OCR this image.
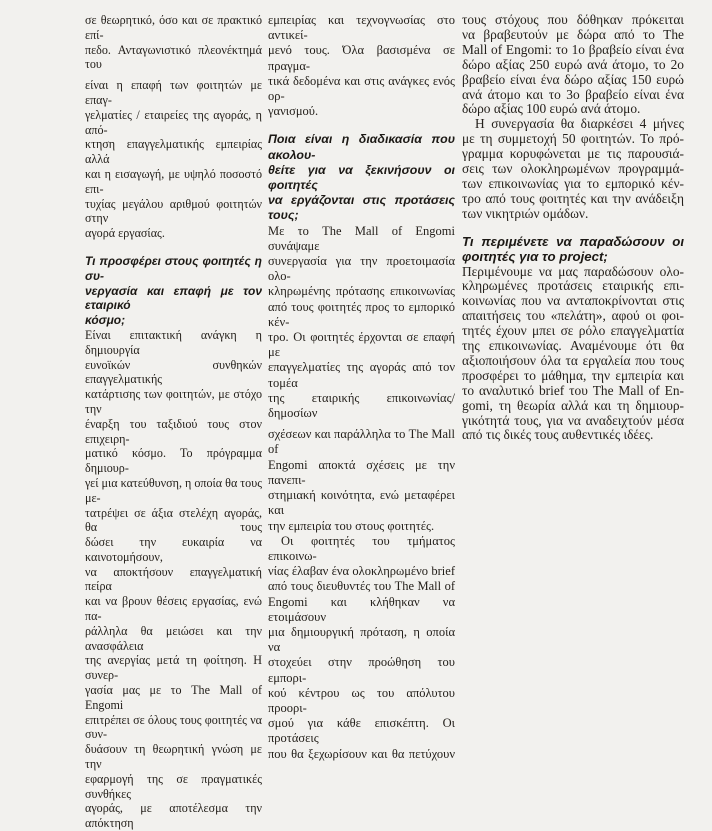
σε θεωρητικό, όσο και σε πρακτικό επί-
πεδο. Ανταγωνιστικό πλεονέκτημά του
είναι η επαφή των φοιτητών με επαγ-
γελματίες / εταιρείες της αγοράς, η από-
κτηση επαγγελματικής εμπειρίας αλλά
και η εισαγωγή, με υψηλό ποσοστό επι-
τυχίας μεγάλου αριθμού φοιτητών στην
αγορά εργασίας.
Τι προσφέρει στους φοιτητές η συ-
νεργασία και επαφή με τον εταιρικό
κόσμο;
Είναι επιτακτική ανάγκη η δημιουργία
ευνοϊκών συνθηκών επαγγελματικής
κατάρτισης των φοιτητών, με στόχο την
έναρξη του ταξιδιού τους στον επιχειρη-
ματικό κόσμο. Το πρόγραμμα δημιουρ-
γεί μια κατεύθυνση, η οποία θα τους με-
τατρέψει σε άξια στελέχη αγοράς, θα τους
δώσει την ευκαιρία να καινοτομήσουν,
να αποκτήσουν επαγγελματική πείρα
και να βρουν θέσεις εργασίας, ενώ πα-
ράλληλα θα μειώσει και την ανασφάλεια
της ανεργίας μετά τη φοίτηση. Η συνερ-
γασία μας με το The Mall of Engomi
επιτρέπει σε όλους τους φοιτητές να συν-
δυάσουν τη θεωρητική γνώση με την
εφαρμογή της σε πραγματικές συνθήκες
αγοράς, με αποτέλεσμα την απόκτηση
εμπειρίας και τεχνογνωσίας στο αντικεί-
μενό τους. Όλα βασισμένα σε πραγμα-
τικά δεδομένα και στις ανάγκες ενός ορ-
γανισμού.
Ποια είναι η διαδικασία που ακολου-
θείτε για να ξεκινήσουν οι φοιτητές
να εργάζονται στις προτάσεις τους;
Με το The Mall of Engomi συνάψαμε
συνεργασία για την προετοιμασία ολο-
κληρωμένης πρότασης επικοινωνίας
από τους φοιτητές προς το εμπορικό κέν-
τρο. Οι φοιτητές έρχονται σε επαφή με
επαγγελματίες της αγοράς από τον τομέα
της εταιρικής επικοινωνίας/δημοσίων
σχέσεων και παράλληλα το The Mall of
Engomi αποκτά σχέσεις με την πανεπι-
στημιακή κοινότητα, ενώ μεταφέρει και
την εμπειρία του στους φοιτητές.
Οι φοιτητές του τμήματος επικοινω-
νίας έλαβαν ένα ολοκληρωμένο brief
από τους διευθυντές του The Mall of
Engomi και κλήθηκαν να ετοιμάσουν
μια δημιουργική πρόταση, η οποία να
στοχεύει στην προώθηση του εμπορι-
κού κέντρου ως του απόλυτου προορι-
σμού για κάθε επισκέπτη. Οι προτάσεις
που θα ξεχωρίσουν και θα πετύχουν
τους στόχους που δόθηκαν πρόκειται
να βραβευτούν με δώρα από το The
Mall of Engomi: το 1ο βραβείο είναι ένα
δώρο αξίας 250 ευρώ ανά άτομο, το 2ο
βραβείο είναι ένα δώρο αξίας 150 ευρώ
ανά άτομο και το 3ο βραβείο είναι ένα
δώρο αξίας 100 ευρώ ανά άτομο.
Η συνεργασία θα διαρκέσει 4 μήνες
με τη συμμετοχή 50 φοιτητών. Το πρό-
γραμμα κορυφώνεται με τις παρουσιά-
σεις των ολοκληρωμένων προγραμμά-
των επικοινωνίας για το εμπορικό κέν-
τρο από τους φοιτητές και την ανάδειξη
των νικητριών ομάδων.
Τι περιμένετε να παραδώσουν οι
φοιτητές για το project;
Περιμένουμε να μας παραδώσουν ολο-
κληρωμένες προτάσεις εταιρικής επι-
κοινωνίας που να ανταποκρίνονται στις
απαιτήσεις του «πελάτη», αφού οι φοι-
τητές έχουν μπει σε ρόλο επαγγελματία
της επικοινωνίας. Αναμένουμε ότι θα
αξιοποιήσουν όλα τα εργαλεία που τους
προσφέρει το μάθημα, την εμπειρία και
το αναλυτικό brief του The Mall of En-
gomi, τη θεωρία αλλά και τη δημιουρ-
γικότητά τους, για να αναδειχτούν μέσα
από τις δικές τους αυθεντικές ιδέες.
